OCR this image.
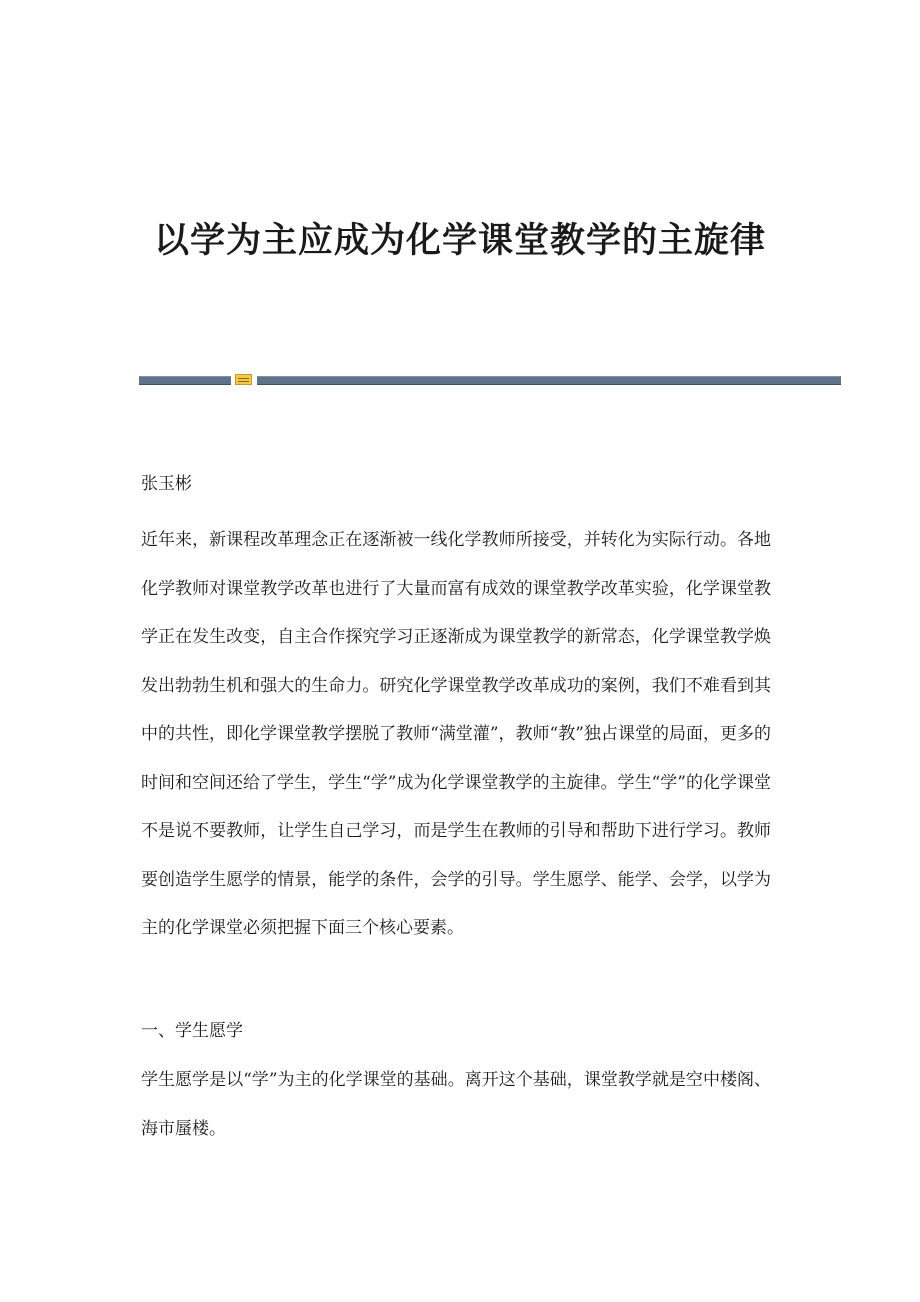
以学为主应成为化学课堂教学的主旋律

张玉彬

近年来，新课程改革理念正在逐渐被一线化学教师所接受，并转化为实际行动。各地化学教师对课堂教学改革也进行了大量而富有成效的课堂教学改革实验，化学课堂教学正在发生改变，自主合作探究学习正逐渐成为课堂教学的新常态，化学课堂教学焕发出勃勃生机和强大的生命力。研究化学课堂教学改革成功的案例，我们不难看到其中的共性，即化学课堂教学摆脱了教师“满堂灌”，教师“教”独占课堂的局面，更多的时间和空间还给了学生，学生“学”成为化学课堂教学的主旋律。学生“学”的化学课堂不是说不要教师，让学生自己学习，而是学生在教师的引导和帮助下进行学习。教师要创造学生愿学的情景，能学的条件，会学的引导。学生愿学、能学、会学，以学为主的化学课堂必须把握下面三个核心要素。

一、学生愿学

学生愿学是以“学”为主的化学课堂的基础。离开这个基础，课堂教学就是空中楼阁、海市蜃楼。
